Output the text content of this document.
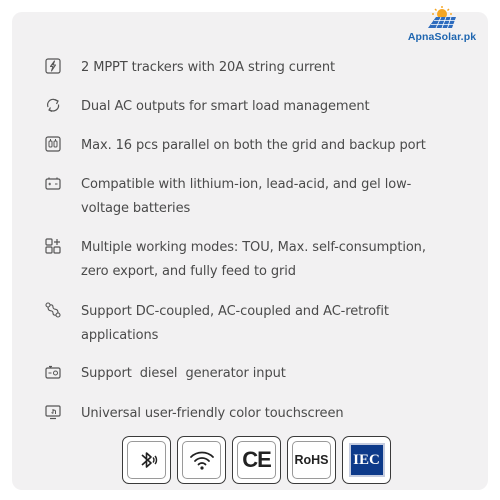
ApnaSolar.pk
2 MPPT trackers with 20A string current
Dual AC outputs for smart load management
Max. 16 pcs parallel on both the grid and backup port
Compatible with lithium-ion, lead-acid, and gel low-
voltage batteries
Multiple working modes: TOU, Max. self-consumption,
zero export, and fully feed to grid
Support DC-coupled, AC-coupled and AC-retrofit
applications
Support  diesel  generator input
Universal user-friendly color touchscreen
CE RoHS IEC
